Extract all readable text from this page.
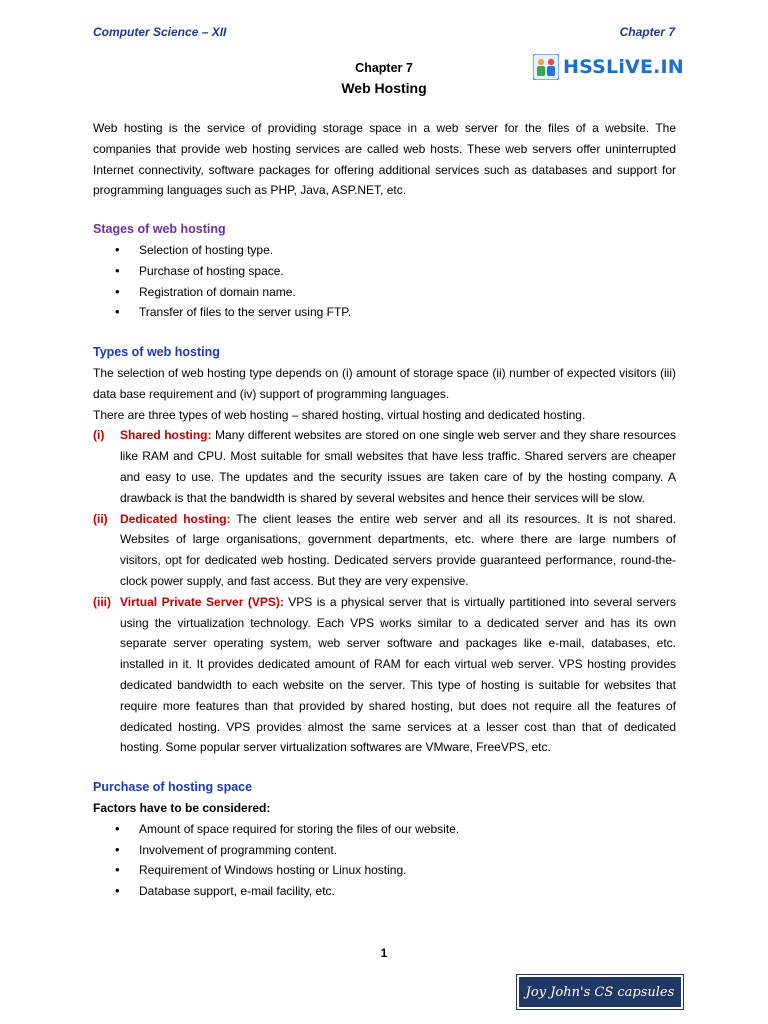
Computer Science – XII	Chapter 7
HSSLiVE.IN
Chapter 7
Web Hosting

Web hosting is the service of providing storage space in a web server for the files of a website. The companies that provide web hosting services are called web hosts. These web servers offer uninterrupted Internet connectivity, software packages for offering additional services such as databases and support for programming languages such as PHP, Java, ASP.NET, etc.

Stages of web hosting

• Selection of hosting type.
• Purchase of hosting space.
• Registration of domain name.
• Transfer of files to the server using FTP.

Types of web hosting

The selection of web hosting type depends on (i) amount of storage space (ii) number of expected visitors (iii) data base requirement and (iv) support of programming languages.

There are three types of web hosting – shared hosting, virtual hosting and dedicated hosting.

(i) Shared hosting: Many different websites are stored on one single web server and they share resources like RAM and CPU. Most suitable for small websites that have less traffic. Shared servers are cheaper and easy to use. The updates and the security issues are taken care of by the hosting company. A drawback is that the bandwidth is shared by several websites and hence their services will be slow.
(ii) Dedicated hosting: The client leases the entire web server and all its resources. It is not shared. Websites of large organisations, government departments, etc. where there are large numbers of visitors, opt for dedicated web hosting. Dedicated servers provide guaranteed performance, round-the-clock power supply, and fast access. But they are very expensive.
(iii) Virtual Private Server (VPS): VPS is a physical server that is virtually partitioned into several servers using the virtualization technology. Each VPS works similar to a dedicated server and has its own separate server operating system, web server software and packages like e-mail, databases, etc. installed in it. It provides dedicated amount of RAM for each virtual web server. VPS hosting provides dedicated bandwidth to each website on the server. This type of hosting is suitable for websites that require more features than that provided by shared hosting, but does not require all the features of dedicated hosting. VPS provides almost the same services at a lesser cost than that of dedicated hosting. Some popular server virtualization softwares are VMware, FreeVPS, etc.

Purchase of hosting space

Factors have to be considered:

• Amount of space required for storing the files of our website.
• Involvement of programming content.
• Requirement of Windows hosting or Linux hosting.
• Database support, e-mail facility, etc.
1
Joy John's CS capsules
